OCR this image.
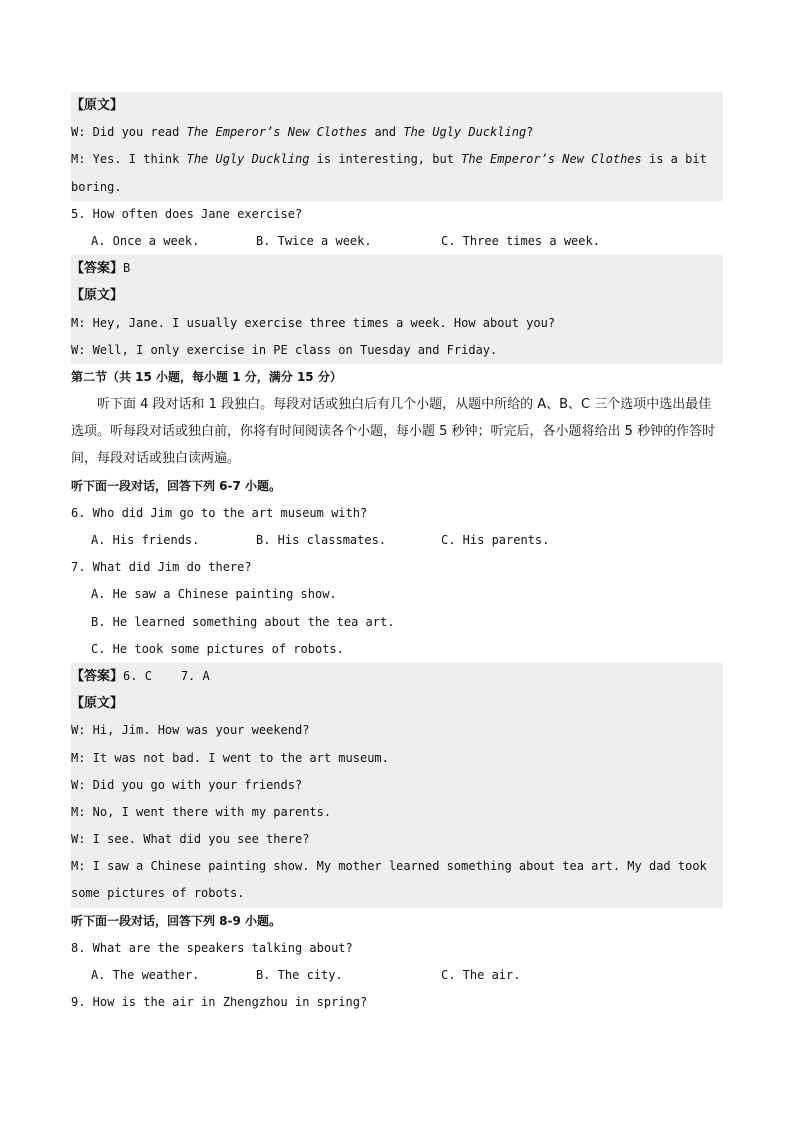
【原文】
W: Did you read The Emperor’s New Clothes and The Ugly Duckling?
M: Yes. I think The Ugly Duckling is interesting, but The Emperor’s New Clothes is a bit
boring.
5. How often does Jane exercise?
A. Once a week.	B. Twice a week.	C. Three times a week.
【答案】B
【原文】
M: Hey, Jane. I usually exercise three times a week. How about you?
W: Well, I only exercise in PE class on Tuesday and Friday.
第二节（共 15 小题，每小题 1 分，满分 15 分）
听下面 4 段对话和 1 段独白。每段对话或独白后有几个小题，从题中所给的 A、B、C 三个选项中选出最佳选项。听每段对话或独白前，你将有时间阅读各个小题，每小题 5 秒钟；听完后，各小题将给出 5 秒钟的作答时间，每段对话或独白读两遍。
听下面一段对话，回答下列 6-7 小题。
6. Who did Jim go to the art museum with?
A. His friends.	B. His classmates.	C. His parents.
7. What did Jim do there?
A. He saw a Chinese painting show.
B. He learned something about the tea art.
C. He took some pictures of robots.
【答案】6. C    7. A
【原文】
W: Hi, Jim. How was your weekend?
M: It was not bad. I went to the art museum.
W: Did you go with your friends?
M: No, I went there with my parents.
W: I see. What did you see there?
M: I saw a Chinese painting show. My mother learned something about tea art. My dad took
some pictures of robots.
听下面一段对话，回答下列 8-9 小题。
8. What are the speakers talking about?
A. The weather.	B. The city.	C. The air.
9. How is the air in Zhengzhou in spring?
